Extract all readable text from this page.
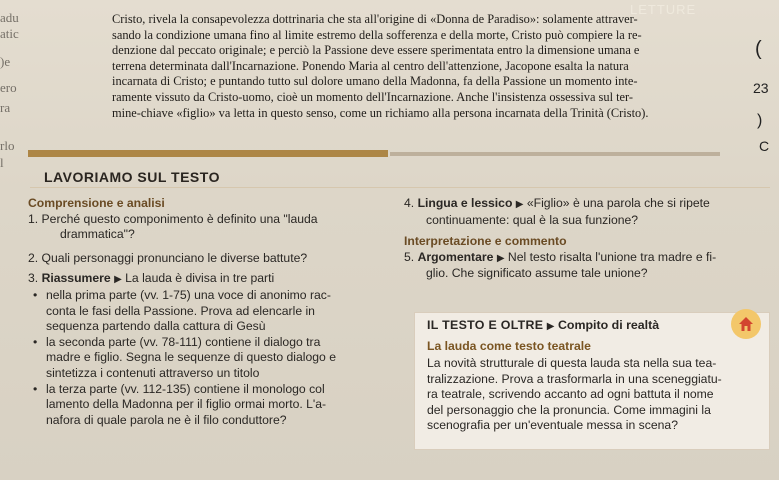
LETTURE
adu
atic
)e
ero
ra
rlo
l
(
23
)
C
Cristo, rivela la consapevolezza dottrinaria che sta all'origine di «Donna de Paradiso»: solamente attraver-
sando la condizione umana fino al limite estremo della sofferenza e della morte, Cristo può compiere la re-
denzione dal peccato originale; e perciò la Passione deve essere sperimentata entro la dimensione umana e
terrena determinata dall'Incarnazione. Ponendo Maria al centro dell'attenzione, Jacopone esalta la natura
incarnata di Cristo; e puntando tutto sul dolore umano della Madonna, fa della Passione un momento inte-
ramente vissuto da Cristo-uomo, cioè un momento dell'Incarnazione. Anche l'insistenza ossessiva sul ter-
mine-chiave «figlio» va letta in questo senso, come un richiamo alla persona incarnata della Trinità (Cristo).
LAVORIAMO SUL TESTO
Comprensione e analisi
1. Perché questo componimento è definito una "lauda
drammatica"?
2. Quali personaggi pronunciano le diverse battute?
3. Riassumere ▶ La lauda è divisa in tre parti
• nella prima parte (vv. 1-75) una voce di anonimo rac-
conta le fasi della Passione. Prova ad elencarle in
sequenza partendo dalla cattura di Gesù
• la seconda parte (vv. 78-111) contiene il dialogo tra
madre e figlio. Segna le sequenze di questo dialogo e
sintetizza i contenuti attraverso un titolo
• la terza parte (vv. 112-135) contiene il monologo col
lamento della Madonna per il figlio ormai morto. L'a-
nafora di quale parola ne è il filo conduttore?
4. Lingua e lessico ▶ «Figlio» è una parola che si ripete
continuamente: qual è la sua funzione?
Interpretazione e commento
5. Argomentare ▶ Nel testo risalta l'unione tra madre e fi-
glio. Che significato assume tale unione?
IL TESTO E OLTRE ▶ Compito di realtà
La lauda come testo teatrale
La novità strutturale di questa lauda sta nella sua tea-
tralizzazione. Prova a trasformarla in una sceneggiatu-
ra teatrale, scrivendo accanto ad ogni battuta il nome
del personaggio che la pronuncia. Come immagini la
scenografia per un'eventuale messa in scena?
